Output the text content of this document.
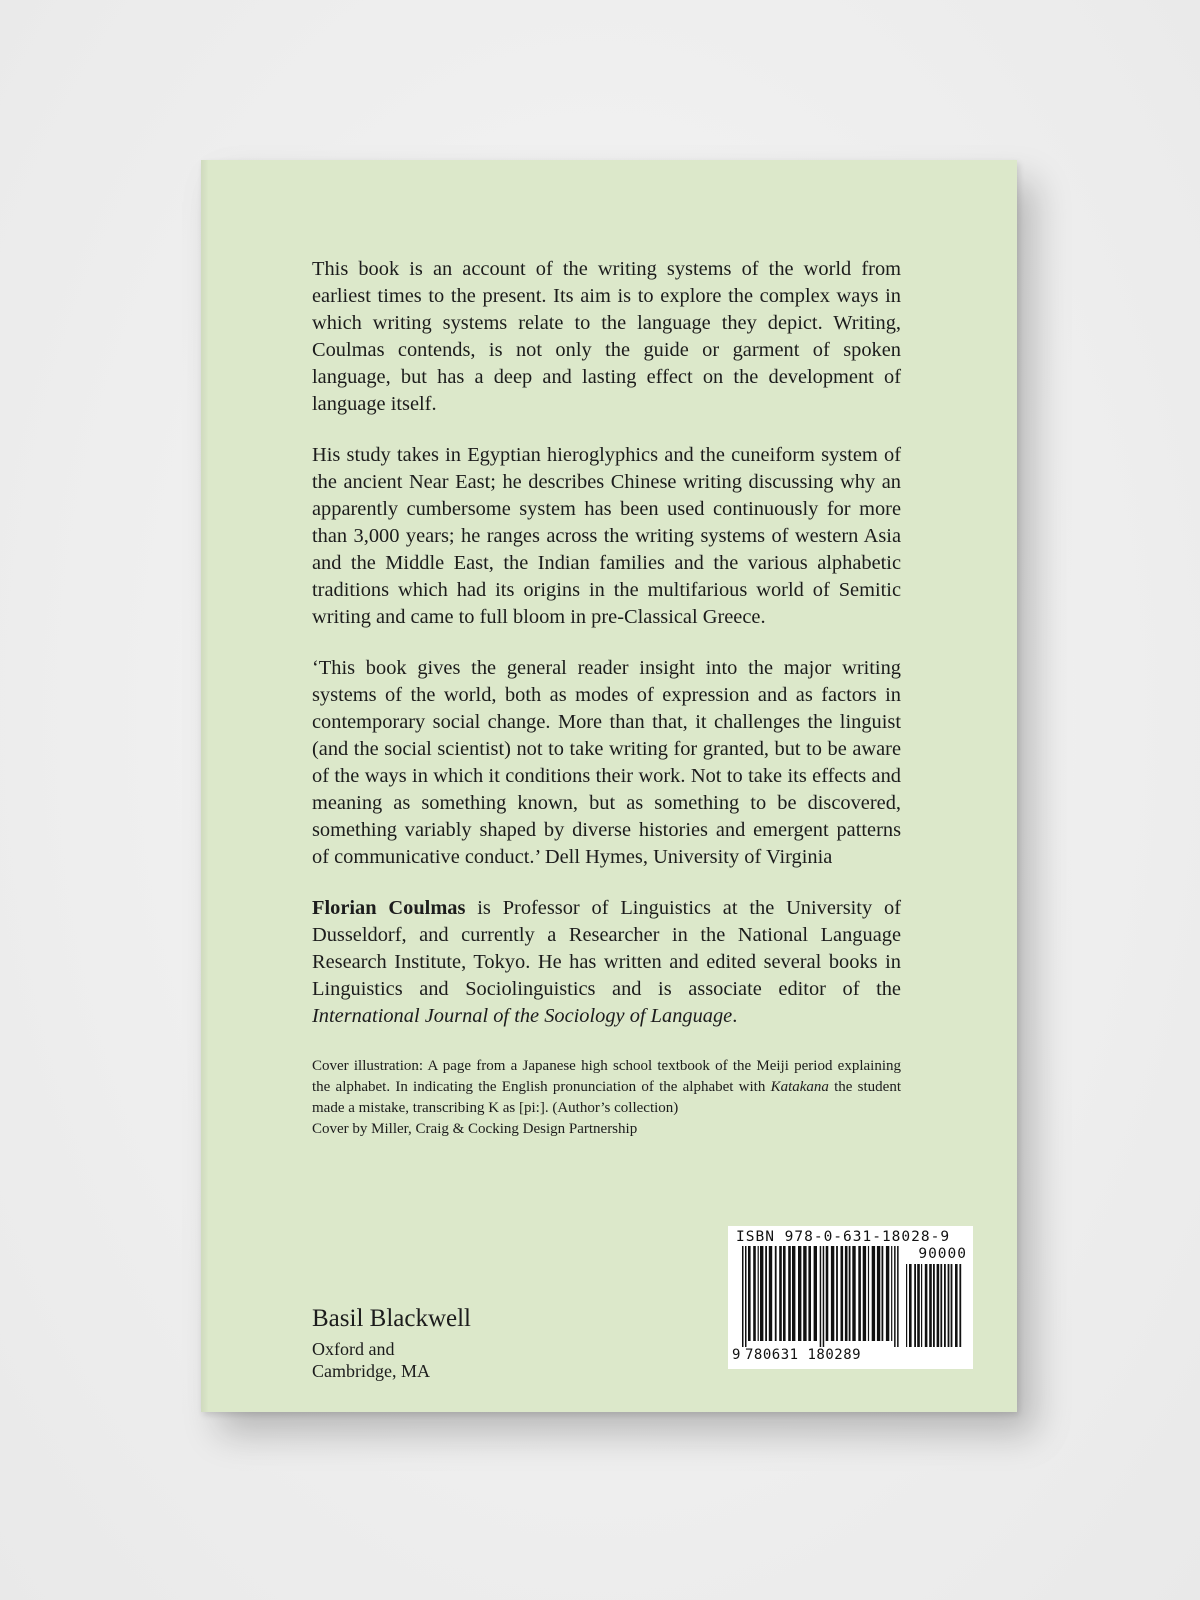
This book is an account of the writing systems of the world from earliest times to the present. Its aim is to explore the complex ways in which writing systems relate to the language they depict. Writing, Coulmas contends, is not only the guide or garment of spoken language, but has a deep and lasting effect on the development of language itself.

His study takes in Egyptian hieroglyphics and the cuneiform system of the ancient Near East; he describes Chinese writing discussing why an apparently cumbersome system has been used continuously for more than 3,000 years; he ranges across the writing systems of western Asia and the Middle East, the Indian families and the various alphabetic traditions which had its origins in the multifarious world of Semitic writing and came to full bloom in pre-Classical Greece.

‘This book gives the general reader insight into the major writing systems of the world, both as modes of expression and as factors in contemporary social change. More than that, it challenges the linguist (and the social scientist) not to take writing for granted, but to be aware of the ways in which it conditions their work. Not to take its effects and meaning as something known, but as something to be discovered, something variably shaped by diverse histories and emergent patterns of communicative conduct.’ Dell Hymes, University of Virginia

Florian Coulmas is Professor of Linguistics at the University of Dusseldorf, and currently a Researcher in the National Language Research Institute, Tokyo. He has written and edited several books in Linguistics and Sociolinguistics and is associate editor of the International Journal of the Sociology of Language.

Cover illustration: A page from a Japanese high school textbook of the Meiji period explaining the alphabet. In indicating the English pronunciation of the alphabet with Katakana the student made a mistake, transcribing K as [pi:]. (Author’s collection)

Cover by Miller, Craig & Cocking Design Partnership

Basil Blackwell

Oxford and

Cambridge, MA

ISBN 978-0-631-18028-9
90000
9 780631 180289
